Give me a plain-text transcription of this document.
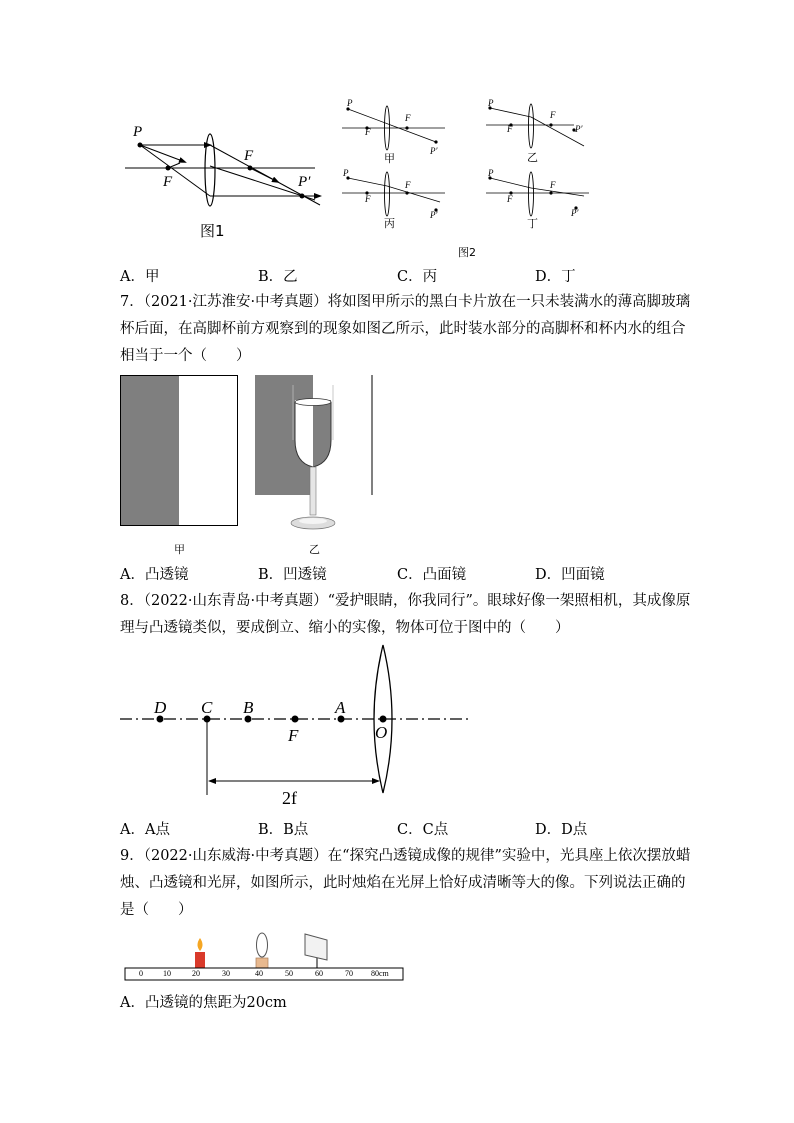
P
F
F
P′
图1
P
F
F
P′
甲
P
F
F
P′
乙
P
F
F
P′
丙
P
F
F
P′
丁
图2
A．甲	B．乙	C．丙	D．丁
7．（2021·江苏淮安·中考真题）将如图甲所示的黑白卡片放在一只未装满水的薄高脚玻璃
杯后面，在高脚杯前方观察到的现象如图乙所示，此时装水部分的高脚杯和杯内水的组合
相当于一个（　　）
甲	乙
A．凸透镜	B．凹透镜	C．凸面镜	D．凹面镜
8．（2022·山东青岛·中考真题）“爱护眼睛，你我同行”。眼球好像一架照相机，其成像原
理与凸透镜类似，要成倒立、缩小的实像，物体可位于图中的（　　）
D C B	A
F	O
2f
A．A点	B．B点	C．C点	D．D点
9．（2022·山东威海·中考真题）在“探究凸透镜成像的规律”实验中，光具座上依次摆放蜡
烛、凸透镜和光屏，如图所示，此时烛焰在光屏上恰好成清晰等大的像。下列说法正确的
是（　　）
0	10	20	30	40	50	60	70 80cm
A．凸透镜的焦距为20cm
